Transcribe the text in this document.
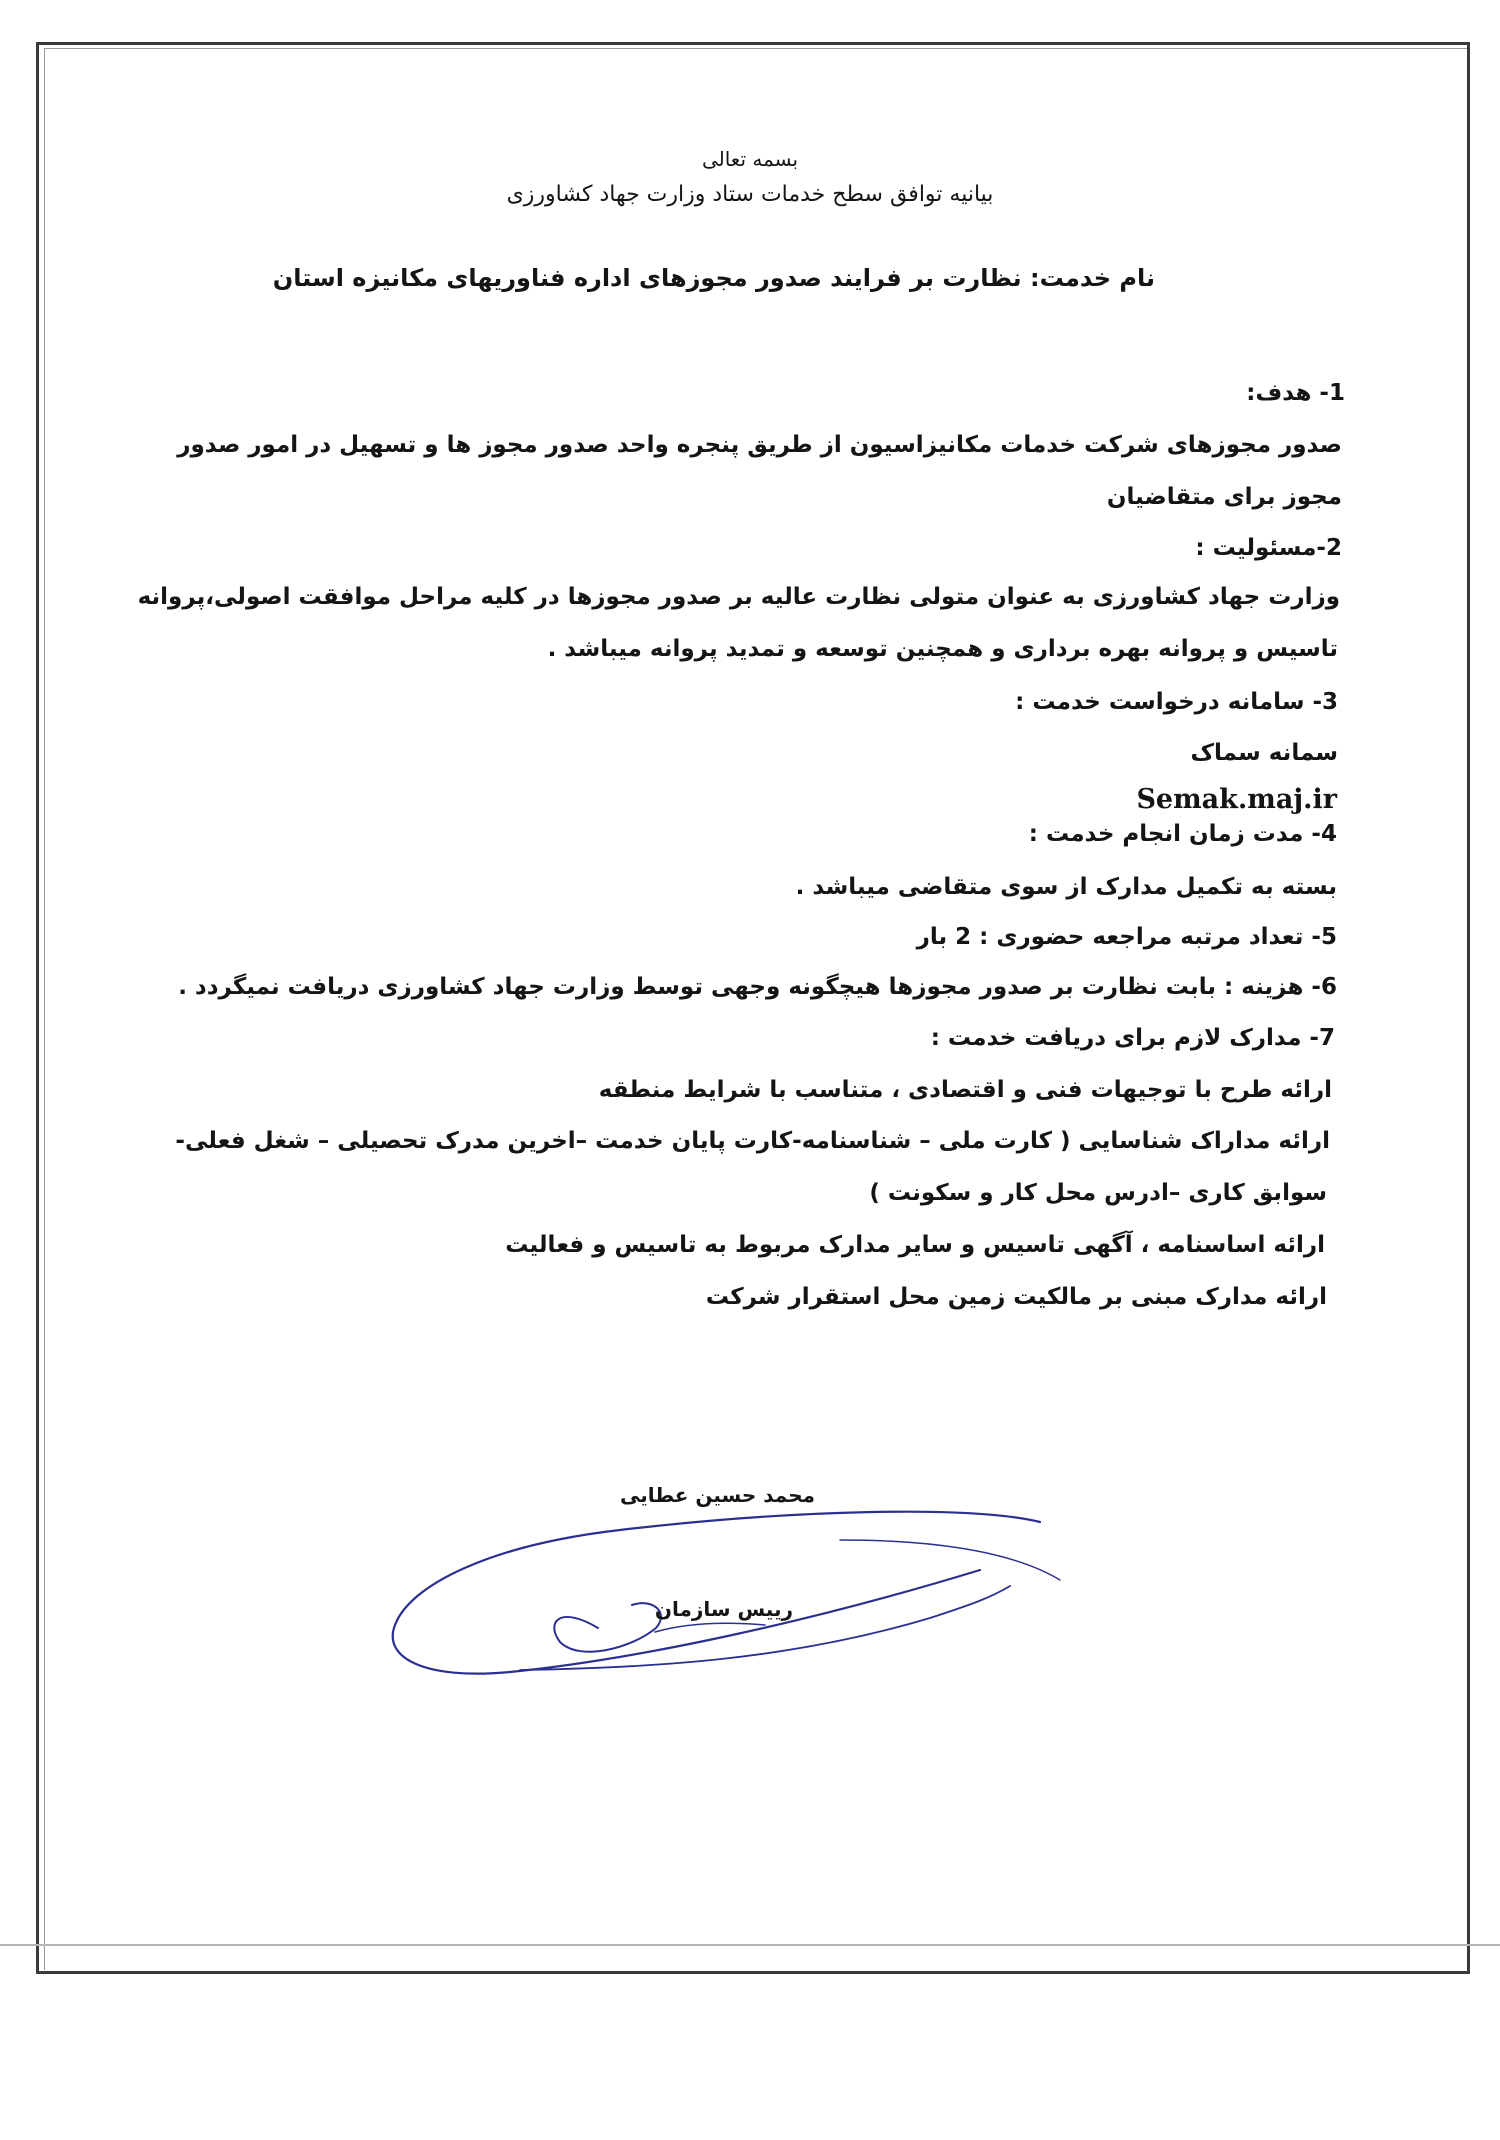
بسمه تعالی
بیانیه توافق سطح خدمات ستاد وزارت جهاد کشاورزی
نام خدمت: نظارت بر فرایند صدور مجوزهای اداره فناوریهای مکانیزه استان
1- هدف:
صدور مجوزهای شرکت خدمات مکانیزاسیون از طریق پنجره واحد صدور مجوز ها و تسهیل در امور صدور
مجوز برای متقاضیان
2-مسئولیت :
وزارت جهاد کشاورزی به عنوان متولی نظارت عالیه بر صدور مجوزها در کلیه مراحل موافقت اصولی،پروانه
تاسیس و پروانه بهره برداری و همچنین توسعه و تمدید پروانه میباشد .
3- سامانه درخواست خدمت :
سمانه سماک
Semak.maj.ir
4- مدت زمان انجام خدمت :
بسته به تکمیل مدارک از سوی متقاضی میباشد .
5- تعداد مرتبه مراجعه حضوری : 2 بار
6- هزینه : بابت نظارت بر صدور مجوزها هیچگونه وجهی توسط وزارت جهاد کشاورزی دریافت نمیگردد .
7- مدارک لازم برای دریافت خدمت :
ارائه طرح با توجیهات فنی و اقتصادی ، متناسب با شرایط منطقه
ارائه مداراک شناسایی ( کارت ملی – شناسنامه-کارت پایان خدمت –اخرین مدرک تحصیلی – شغل فعلی-
سوابق کاری –ادرس محل کار و سکونت )
ارائه اساسنامه ، آگهی تاسیس و سایر مدارک مربوط به تاسیس و فعالیت
ارائه مدارک مبنی بر مالکیت زمین محل استقرار شرکت
محمد حسین عطایی
رییس سازمان
